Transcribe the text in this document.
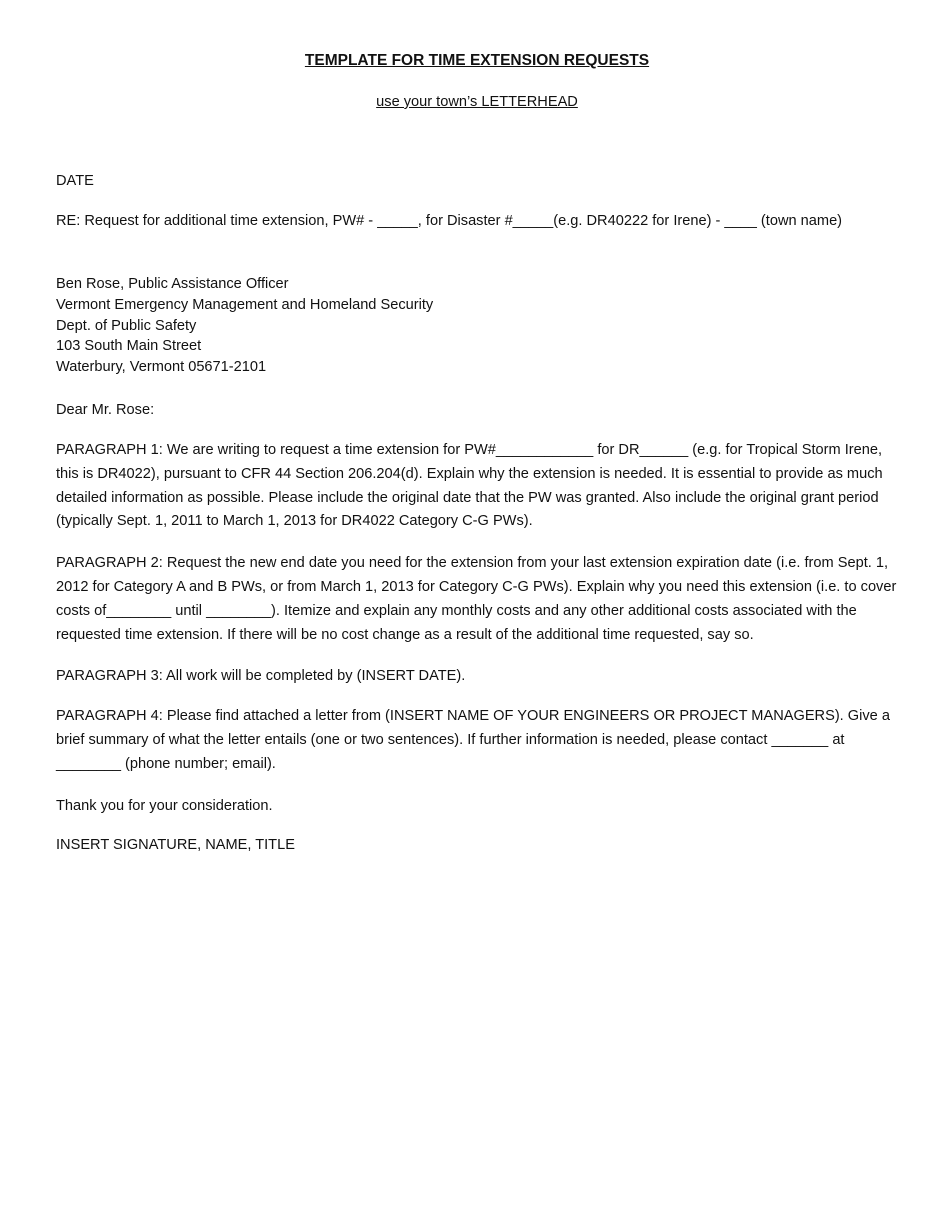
TEMPLATE FOR TIME EXTENSION REQUESTS
use your town’s LETTERHEAD
DATE
RE: Request for additional time extension, PW# - _____, for Disaster #_____(e.g. DR40222 for Irene) - ____ (town name)
Ben Rose, Public Assistance Officer
Vermont Emergency Management and Homeland Security
Dept. of Public Safety
103 South Main Street
Waterbury, Vermont 05671-2101
Dear Mr. Rose:

PARAGRAPH 1: We are writing to request a time extension for PW#____________ for DR______ (e.g. for Tropical Storm Irene, this is DR4022), pursuant to CFR 44 Section 206.204(d). Explain why the extension is needed. It is essential to provide as much detailed information as possible. Please include the original date that the PW was granted. Also include the original grant period (typically Sept. 1, 2011 to March 1, 2013 for DR4022 Category C-G PWs).

PARAGRAPH 2: Request the new end date you need for the extension from your last extension expiration date (i.e. from Sept. 1, 2012 for Category A and B PWs, or from March 1, 2013 for Category C-G PWs). Explain why you need this extension (i.e. to cover costs of________ until ________). Itemize and explain any monthly costs and any other additional costs associated with the requested time extension. If there will be no cost change as a result of the additional time requested, say so.

PARAGRAPH 3: All work will be completed by (INSERT DATE).

PARAGRAPH 4: Please find attached a letter from (INSERT NAME OF YOUR ENGINEERS OR PROJECT MANAGERS). Give a brief summary of what the letter entails (one or two sentences). If further information is needed, please contact _______ at ________ (phone number; email).

Thank you for your consideration.
INSERT SIGNATURE, NAME, TITLE
